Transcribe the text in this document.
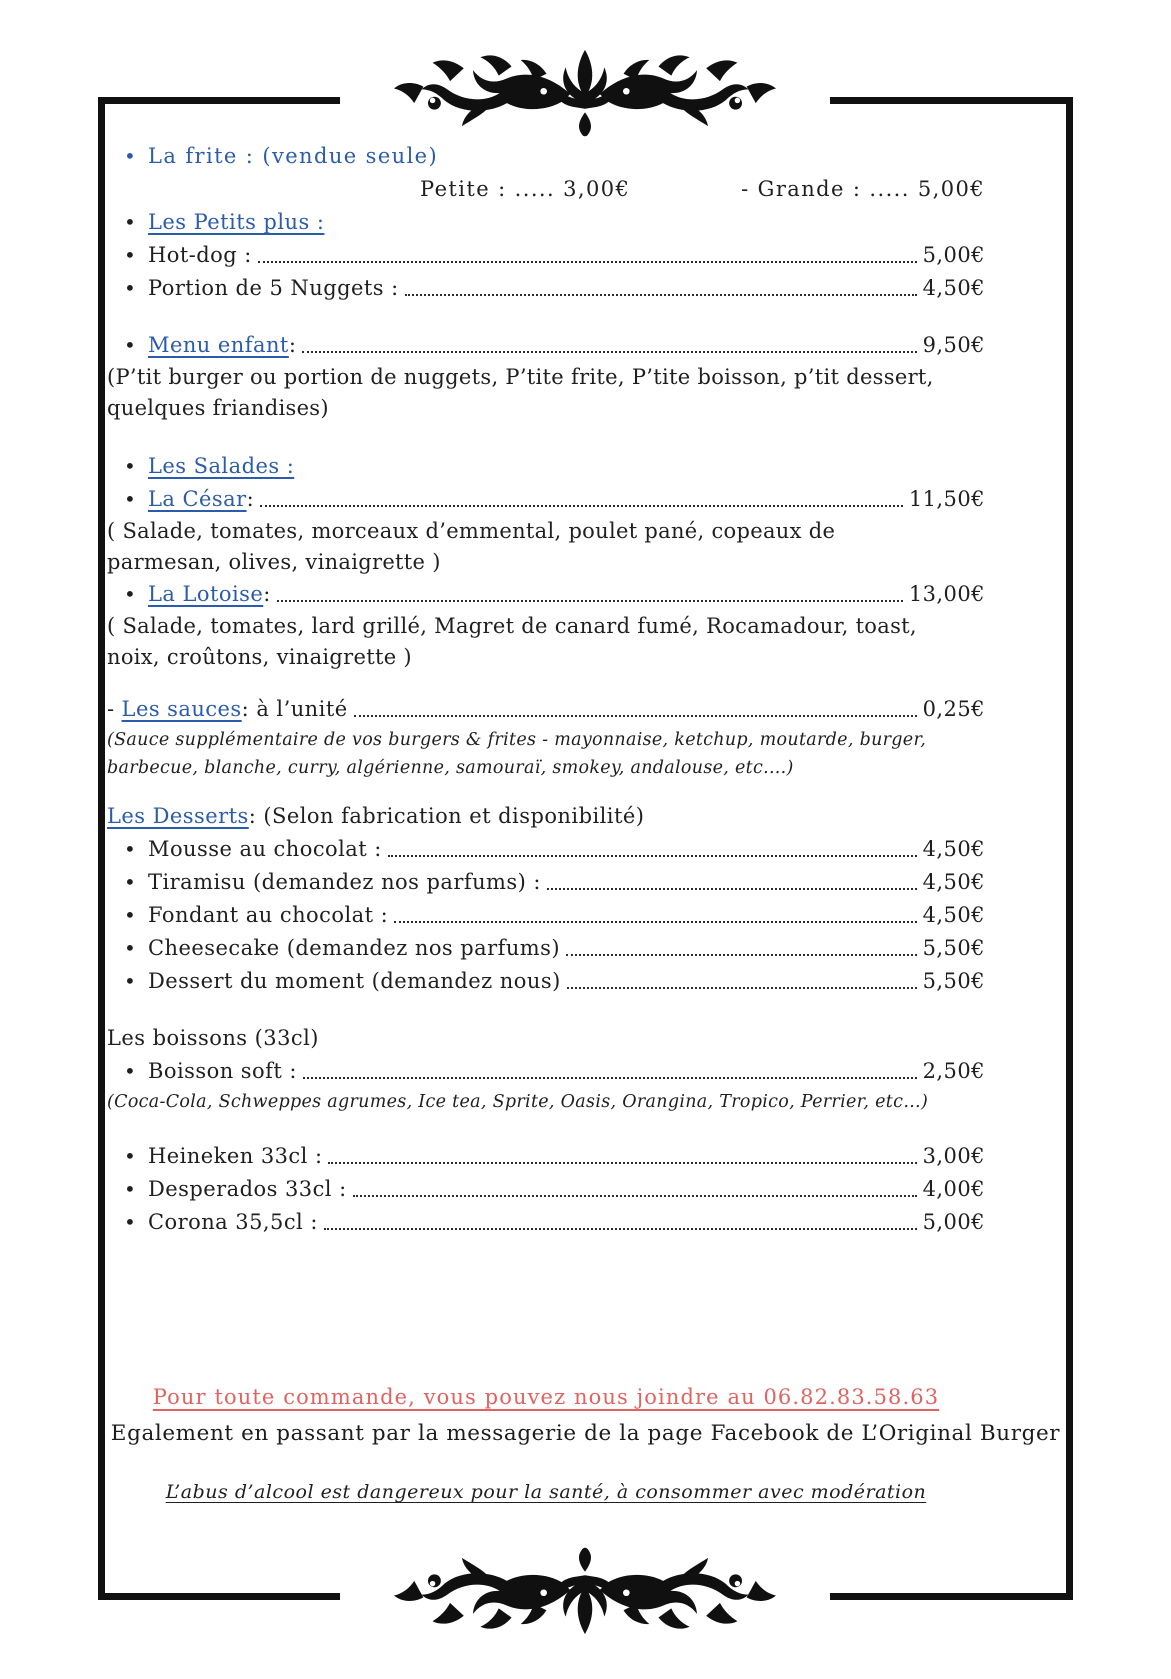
• La frite : (vendue seule)
Petite : ..... 3,00€	- Grande : ..... 5,00€
• Les Petits plus :
• Hot-dog :	5,00€
• Portion de 5 Nuggets :	4,50€
• Menu enfant :	9,50€
(P’tit burger ou portion de nuggets, P’tite frite, P’tite boisson, p’tit dessert,
quelques friandises)
• Les Salades :
• La César :	11,50€
( Salade, tomates, morceaux d’emmental, poulet pané, copeaux de
parmesan, olives, vinaigrette )
• La Lotoise :	13,00€
( Salade, tomates, lard grillé, Magret de canard fumé, Rocamadour, toast,
noix, croûtons, vinaigrette )
- Les sauces : à l’unité	0,25€
(Sauce supplémentaire de vos burgers & frites - mayonnaise, ketchup, moutarde, burger,
barbecue, blanche, curry, algérienne, samouraï, smokey, andalouse, etc....)
Les Desserts : (Selon fabrication et disponibilité)
• Mousse au chocolat :	4,50€
• Tiramisu (demandez nos parfums) :	4,50€
• Fondant au chocolat :	4,50€
• Cheesecake (demandez nos parfums)	5,50€
• Dessert du moment (demandez nous)	5,50€
Les boissons (33cl)
• Boisson soft :	2,50€
(Coca-Cola, Schweppes agrumes, Ice tea, Sprite, Oasis, Orangina, Tropico, Perrier, etc…)
• Heineken 33cl :	3,00€
• Desperados 33cl :	4,00€
• Corona 35,5cl :	5,00€
Pour toute commande, vous pouvez nous joindre au 06.82.83.58.63
Egalement en passant par la messagerie de la page Facebook de L’Original Burger
L’abus d’alcool est dangereux pour la santé, à consommer avec modération
